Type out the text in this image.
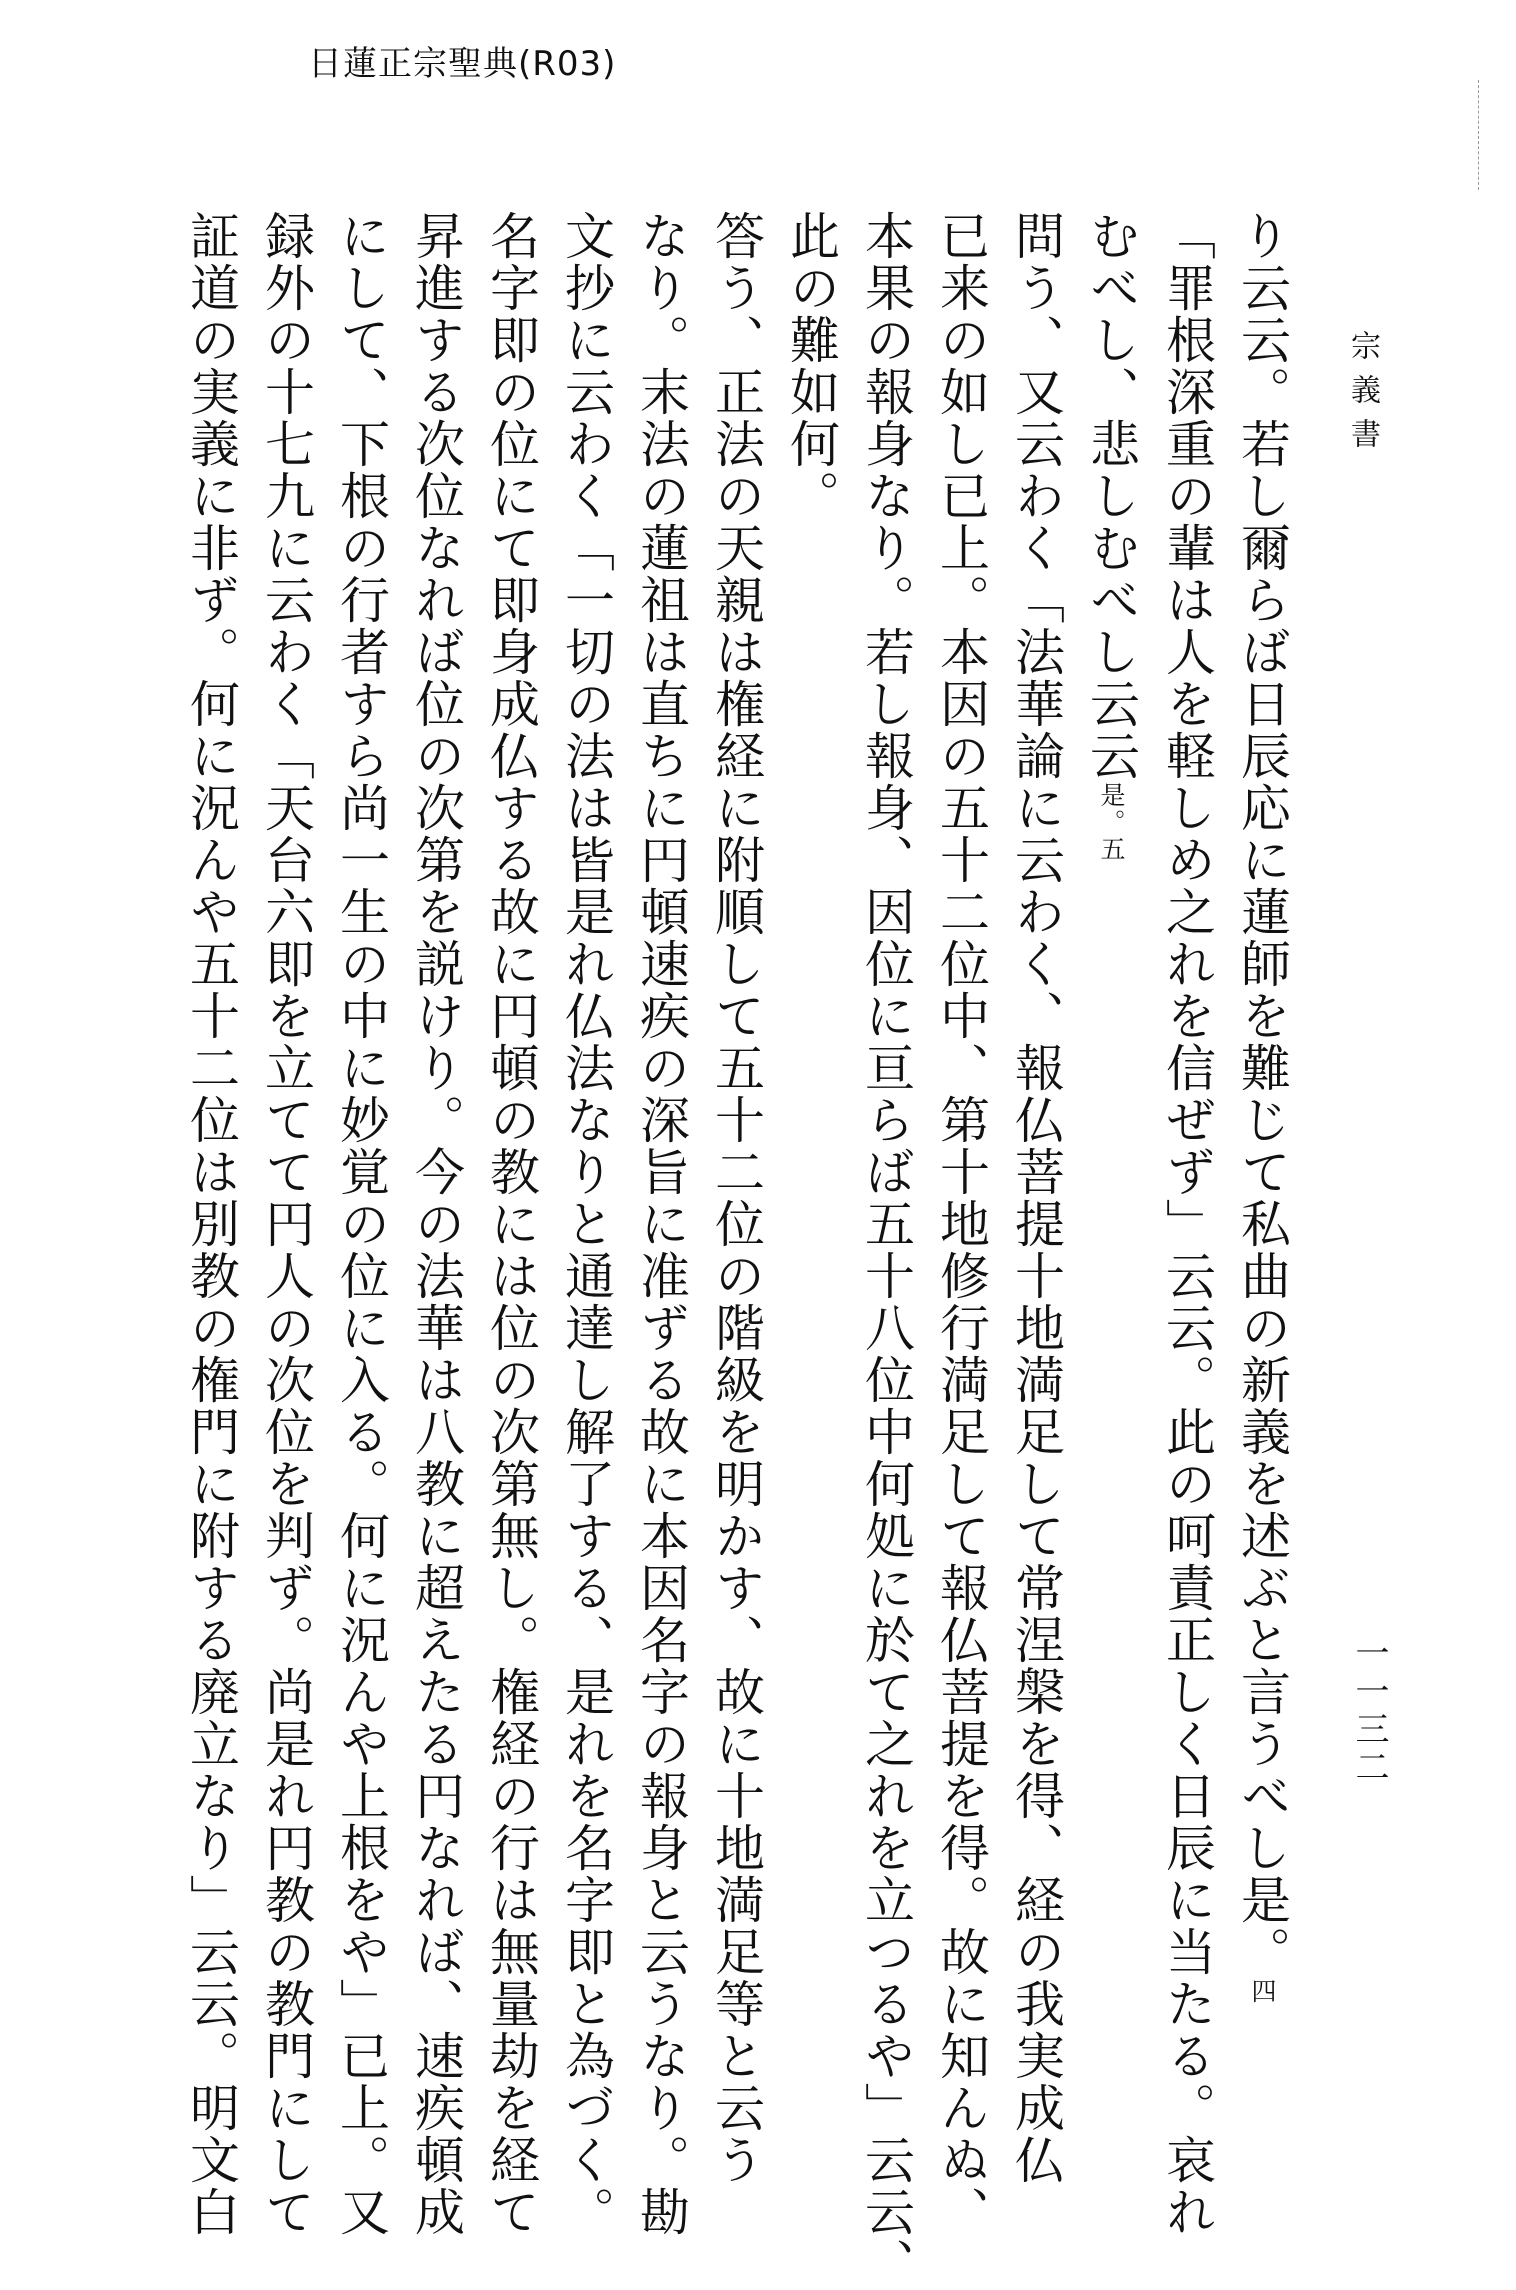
日蓮正宗聖典(R03)
宗義書
一一三二
り云云。若し爾らば日辰応に蓮師を難じて私曲の新義を述ぶと言うべし是。四
「罪根深重の輩は人を軽しめ之れを信ぜず」云云。此の呵責正しく日辰に当たる。哀れ
むべし、悲しむべし云云是。五
問う、又云わく「法華論に云わく、報仏菩提十地満足して常涅槃を得、経の我実成仏
已来の如し已上。本因の五十二位中、第十地修行満足して報仏菩提を得。故に知んぬ、
本果の報身なり。若し報身、因位に亘らば五十八位中何処に於て之れを立つるや」云云、
此の難如何。
答う、正法の天親は権経に附順して五十二位の階級を明かす、故に十地満足等と云う
なり。末法の蓮祖は直ちに円頓速疾の深旨に准ずる故に本因名字の報身と云うなり。勘
文抄に云わく「一切の法は皆是れ仏法なりと通達し解了する、是れを名字即と為づく。
名字即の位にて即身成仏する故に円頓の教には位の次第無し。権経の行は無量劫を経て
昇進する次位なれば位の次第を説けり。今の法華は八教に超えたる円なれば、速疾頓成
にして、下根の行者すら尚一生の中に妙覚の位に入る。何に況んや上根をや」已上。又
録外の十七九に云わく「天台六即を立てて円人の次位を判ず。尚是れ円教の教門にして
証道の実義に非ず。何に況んや五十二位は別教の権門に附する廃立なり」云云。明文白
